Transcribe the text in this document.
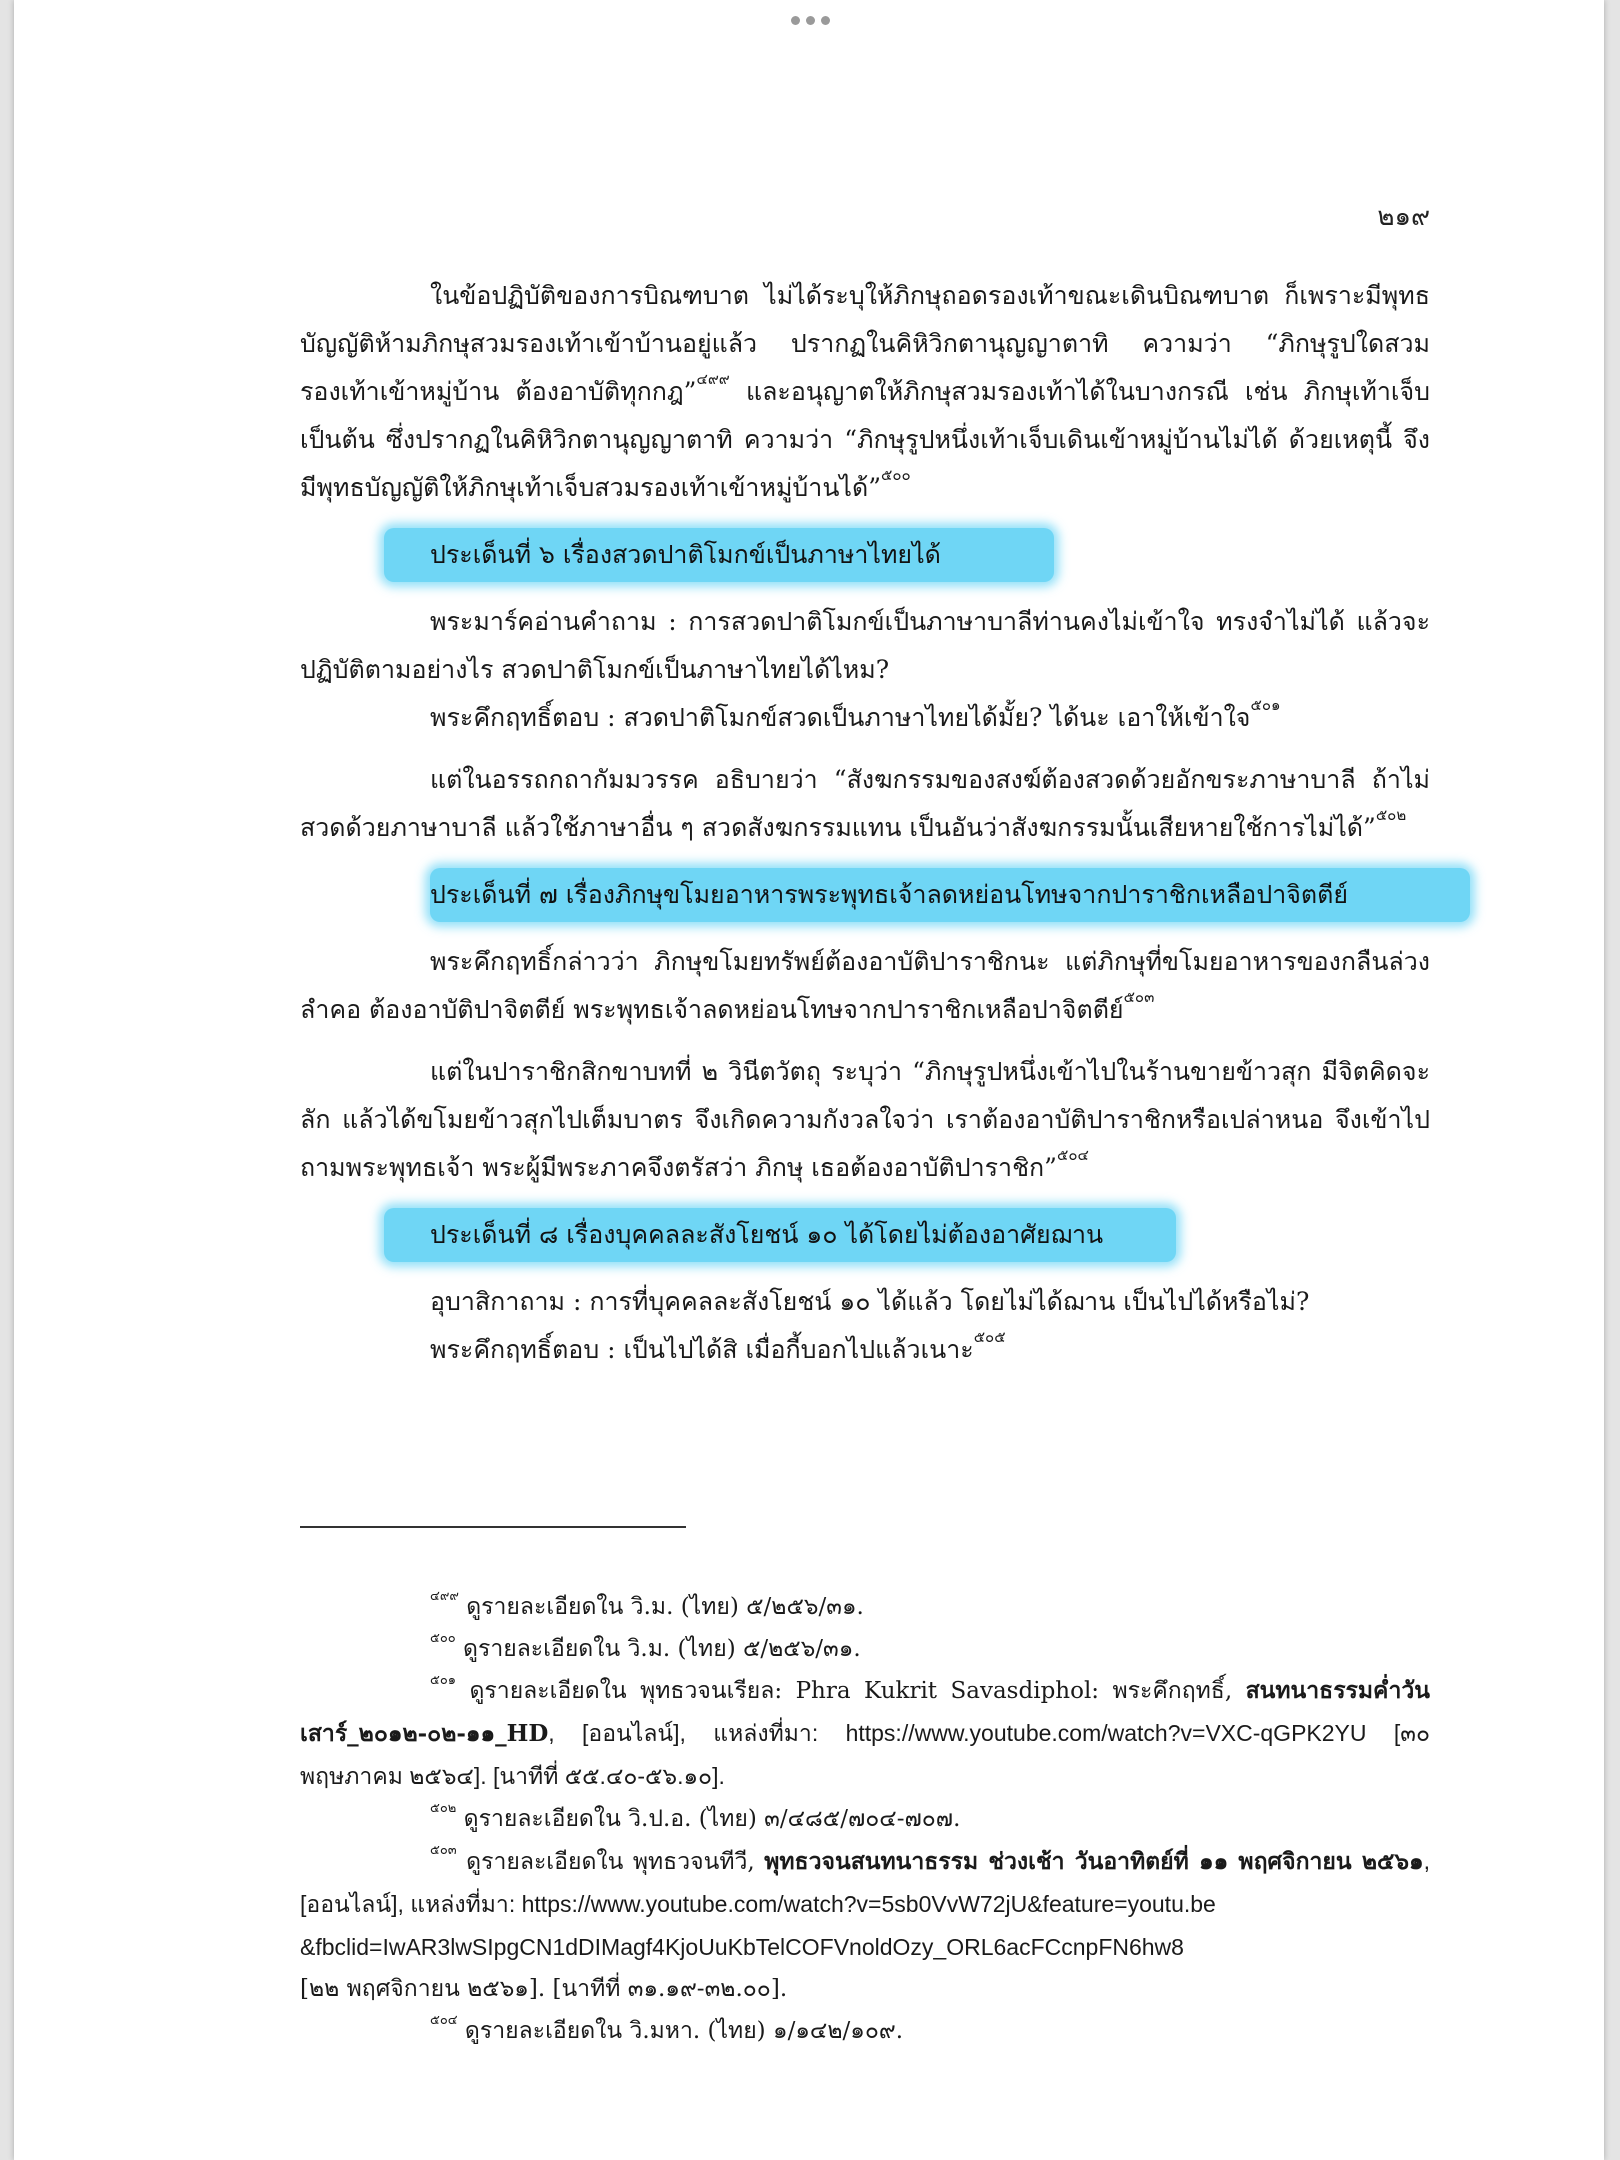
๒๑๙

ในข้อปฏิบัติของการบิณฑบาต ไม่ได้ระบุให้ภิกษุถอดรองเท้าขณะเดินบิณฑบาต ก็เพราะมีพุทธบัญญัติห้ามภิกษุสวมรองเท้าเข้าบ้านอยู่แล้ว ปรากฏในคิหิวิกตานุญญาตาทิ ความว่า “ภิกษุรูปใดสวมรองเท้าเข้าหมู่บ้าน ต้องอาบัติทุกกฎ”$^{๔๙๙}$ และอนุญาตให้ภิกษุสวมรองเท้าได้ในบางกรณี เช่น ภิกษุเท้าเจ็บ เป็นต้น ซึ่งปรากฏในคิหิวิกตานุญญาตาทิ ความว่า “ภิกษุรูปหนึ่งเท้าเจ็บเดินเข้าหมู่บ้านไม่ได้ ด้วยเหตุนี้ จึงมีพุทธบัญญัติให้ภิกษุเท้าเจ็บสวมรองเท้าเข้าหมู่บ้านได้”$^{๕๐๐}$

ประเด็นที่ ๖ เรื่องสวดปาติโมกข์เป็นภาษาไทยได้

พระมาร์คอ่านคำถาม : การสวดปาติโมกข์เป็นภาษาบาลีท่านคงไม่เข้าใจ ทรงจำไม่ได้ แล้วจะปฏิบัติตามอย่างไร สวดปาติโมกข์เป็นภาษาไทยได้ไหม?

พระคึกฤทธิ์ตอบ : สวดปาติโมกข์สวดเป็นภาษาไทยได้มั้ย? ได้นะ เอาให้เข้าใจ$^{๕๐๑}$

แต่ในอรรถกถากัมมวรรค อธิบายว่า “สังฆกรรมของสงฆ์ต้องสวดด้วยอักขระภาษาบาลี ถ้าไม่สวดด้วยภาษาบาลี แล้วใช้ภาษาอื่น ๆ สวดสังฆกรรมแทน เป็นอันว่าสังฆกรรมนั้นเสียหายใช้การไม่ได้”$^{๕๐๒}$

ประเด็นที่ ๗ เรื่องภิกษุขโมยอาหารพระพุทธเจ้าลดหย่อนโทษจากปาราชิกเหลือปาจิตตีย์

พระคึกฤทธิ์กล่าวว่า ภิกษุขโมยทรัพย์ต้องอาบัติปาราชิกนะ แต่ภิกษุที่ขโมยอาหารของกลืนล่วงลำคอ ต้องอาบัติปาจิตตีย์ พระพุทธเจ้าลดหย่อนโทษจากปาราชิกเหลือปาจิตตีย์$^{๕๐๓}$

แต่ในปาราชิกสิกขาบทที่ ๒ วินีตวัตถุ ระบุว่า “ภิกษุรูปหนึ่งเข้าไปในร้านขายข้าวสุก มีจิตคิดจะลัก แล้วได้ขโมยข้าวสุกไปเต็มบาตร จึงเกิดความกังวลใจว่า เราต้องอาบัติปาราชิกหรือเปล่าหนอ จึงเข้าไปถามพระพุทธเจ้า พระผู้มีพระภาคจึงตรัสว่า ภิกษุ เธอต้องอาบัติปาราชิก”$^{๕๐๔}$

ประเด็นที่ ๘ เรื่องบุคคลละสังโยชน์ ๑๐ ได้โดยไม่ต้องอาศัยฌาน

อุบาสิกาถาม : การที่บุคคลละสังโยชน์ ๑๐ ได้แล้ว โดยไม่ได้ฌาน เป็นไปได้หรือไม่?

พระคึกฤทธิ์ตอบ : เป็นไปได้สิ เมื่อกี้บอกไปแล้วเนาะ$^{๕๐๕}$

$^{๔๙๙}$ ดูรายละเอียดใน วิ.ม. (ไทย) ๕/๒๕๖/๓๑.

$^{๕๐๐}$ ดูรายละเอียดใน วิ.ม. (ไทย) ๕/๒๕๖/๓๑.

$^{๕๐๑}$ ดูรายละเอียดใน พุทธวจนเรียล: Phra Kukrit Savasdiphol: พระคึกฤทธิ์, สนทนาธรรมค่ำวันเสาร์_๒๐๑๒-๐๒-๑๑_HD, [ออนไลน์], แหล่งที่มา: https://www.youtube.com/watch?v=VXC-qGPK2YU [๓๐ พฤษภาคม ๒๕๖๔]. [นาทีที่ ๕๕.๔๐-๕๖.๑๐].

$^{๕๐๒}$ ดูรายละเอียดใน วิ.ป.อ. (ไทย) ๓/๔๘๕/๗๐๔-๗๐๗.

$^{๕๐๓}$ ดูรายละเอียดใน พุทธวจนทีวี, พุทธวจนสนทนาธรรม ช่วงเช้า วันอาทิตย์ที่ ๑๑ พฤศจิกายน ๒๕๖๑, [ออนไลน์], แหล่งที่มา: https://www.youtube.com/watch?v=5sb0VvW72jU&feature=youtu.be

&fbclid=IwAR3lwSIpgCN1dDIMagf4KjoUuKbTelCOFVnoldOzy_ORL6acFCcnpFN6hw8

[๒๒ พฤศจิกายน ๒๕๖๑]. [นาทีที่ ๓๑.๑๙-๓๒.๐๐].

$^{๕๐๔}$ ดูรายละเอียดใน วิ.มหา. (ไทย) ๑/๑๔๒/๑๐๙.
